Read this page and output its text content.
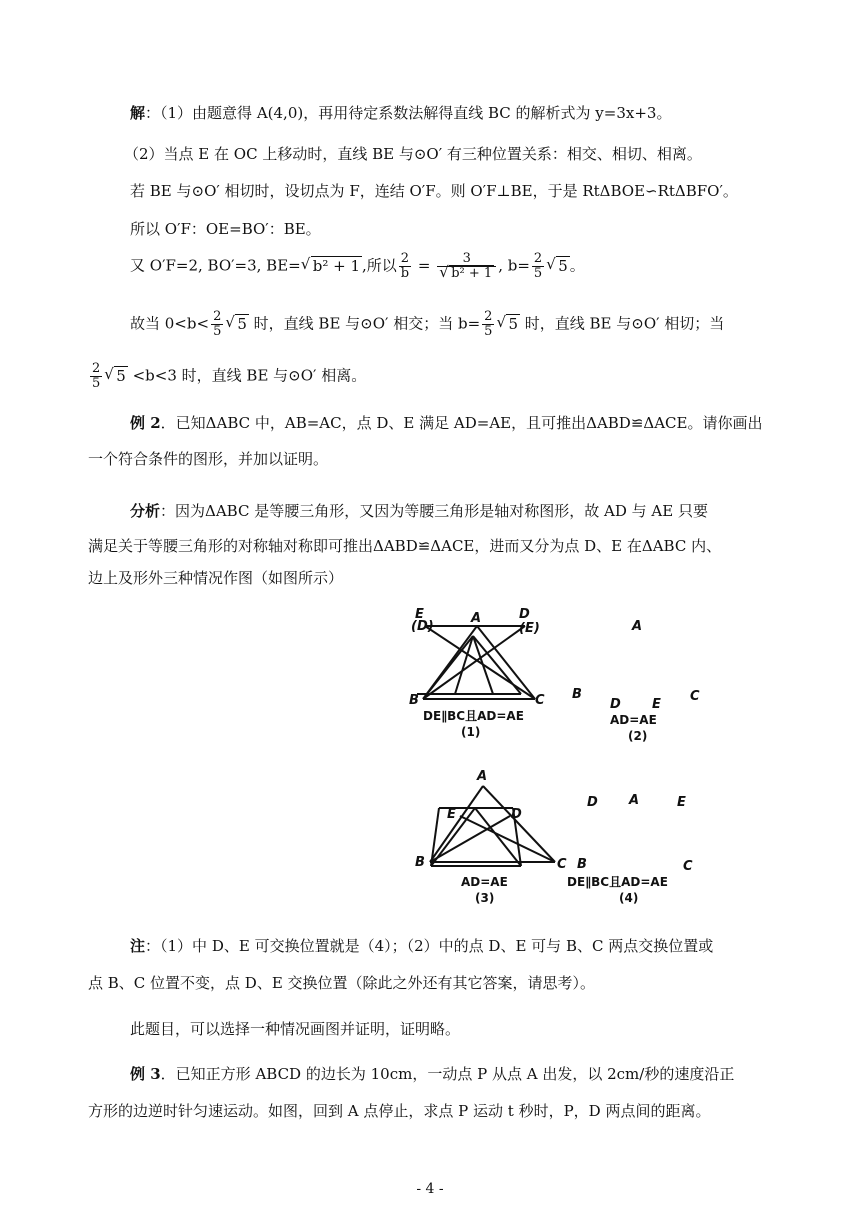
解：（1）由题意得 A(4,0)，再用待定系数法解得直线 BC 的解析式为 y=3x+3。
（2）当点 E 在 OC 上移动时，直线 BE 与⊙O′ 有三种位置关系：相交、相切、相离。
若 BE 与⊙O′ 相切时，设切点为 F，连结 O′F。则 O′F⊥BE，于是 RtΔBOE∽RtΔBFO′。
所以 O′F：OE=BO′：BE。
又 O′F=2, BO′=3, BE= √ b² + 1 ,所以 $\frac{2}{b} = 3$
√ b² + 1 , $b= \frac{2}{5}$ √ 5 。
故当 $0<b< \frac{2}{5}$ √ 5 时，直线 BE 与⊙O′ 相交；当 $b= \frac{2}{5}$ √ 5 时，直线 BE 与⊙O′ 相切；当
$\frac{2}{5}$ √ 5 <b<3 时，直线 BE 与⊙O′ 相离。
例 2．已知ΔABC 中，AB=AC，点 D、E 满足 AD=AE，且可推出ΔABD≌ΔACE。请你画出
一个符合条件的图形，并加以证明。
分析：因为ΔABC 是等腰三角形，又因为等腰三角形是轴对称图形，故 AD 与 AE 只要
满足关于等腰三角形的对称轴对称即可推出ΔABD≌ΔACE，进而又分为点 D、E 在ΔABC 内、
边上及形外三种情况作图（如图所示）
E
(D)
A	D
(E)
B	C
DE∥BC且AD=AE
(1)
A
B
D E
C
AD=AE
(2)
A
E	D
B	C
AD=AE
(3)
D A	E
B	C
DE∥BC且AD=AE
(4)
注：（1）中 D、E 可交换位置就是（4）；（2）中的点 D、E 可与 B、C 两点交换位置或
点 B、C 位置不变，点 D、E 交换位置（除此之外还有其它答案，请思考）。
此题目，可以选择一种情况画图并证明，证明略。
例 3．已知正方形 ABCD 的边长为 10cm，一动点 P 从点 A 出发，以 2cm/秒的速度沿正
方形的边逆时针匀速运动。如图，回到 A 点停止，求点 P 运动 t 秒时，P，D 两点间的距离。
- 4 -
